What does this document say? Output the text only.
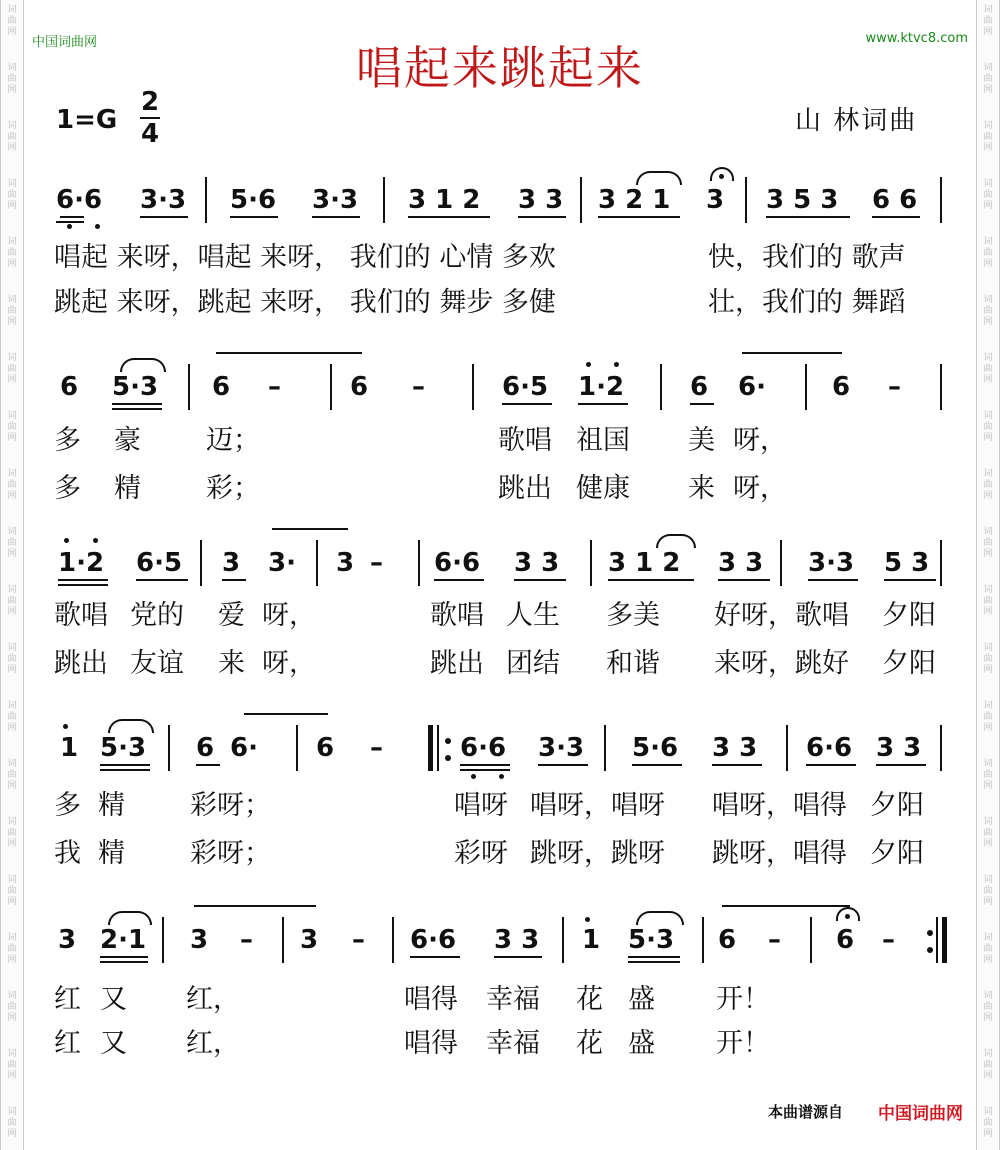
词曲网
词曲网
词曲网
词曲网
词曲网
词曲网
词曲网
词曲网
词曲网
词曲网
词曲网
词曲网
词曲网
词曲网
词曲网
词曲网
词曲网
词曲网
词曲网
词曲网
词曲网
词曲网
词曲网
词曲网
词曲网
词曲网
词曲网
词曲网
词曲网
词曲网
词曲网
词曲网
词曲网
词曲网
词曲网
词曲网
词曲网
词曲网
词曲网
词曲网
中国词曲网	www.ktvc8.com
唱起来跳起来
1=G
2
4	山 林词曲
6·6 3·3 5·6 3·3 3 1 2 3 3 3 2 1 3 3 5 3 6 6
唱起 来呀，唱起 来呀， 我们的 心情 多欢	快，我们的 歌声
跳起 来呀，跳起 来呀， 我们的 舞步 多健	壮，我们的 舞蹈
6 5·3 6 –	6 –	6·5 1·2	6 6·	6 –
多 豪 迈；	歌唱 祖国 美 呀，
多 精 彩；	跳出 健康 来 呀，
1·2 6·5 3 3· 3 – 6·6 3 3 3 1 2 3 3 3·3 5 3
歌唱 党的 爱 呀，	歌唱 人生 多美 好呀，歌唱 夕阳
跳出 友谊 来 呀，	跳出 团结 和谐 来呀，跳好 夕阳
1 5·3 6 6· 6 –	6·6 3·3 5·6 3 3 6·6 3 3
多 精 彩呀；	唱呀 唱呀，唱呀 唱呀，唱得 夕阳
我 精 彩呀；	彩呀 跳呀，跳呀 跳呀，唱得 夕阳
3 2·1 3 – 3 – 6·6 3 3 1 5·3 6 – 6 –
红 又 红，	唱得 幸福 花 盛 开！
红 又 红，	唱得 幸福 花 盛 开！
本曲谱源自 中国词曲网
